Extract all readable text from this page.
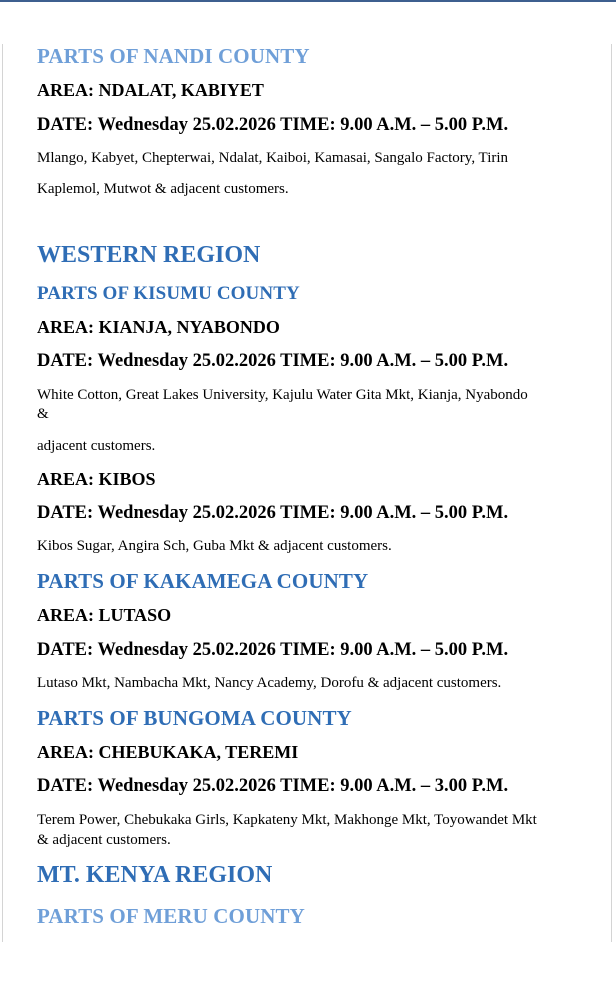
PARTS OF NANDI COUNTY
AREA: NDALAT, KABIYET
DATE: Wednesday 25.02.2026 TIME: 9.00 A.M. – 5.00 P.M.
Mlango, Kabyet, Chepterwai, Ndalat, Kaiboi, Kamasai, Sangalo Factory, Tirin
Kaplemol, Mutwot & adjacent customers.
WESTERN REGION
PARTS OF KISUMU COUNTY
AREA: KIANJA, NYABONDO
DATE: Wednesday 25.02.2026 TIME: 9.00 A.M. – 5.00 P.M.
White Cotton, Great Lakes University, Kajulu Water Gita Mkt, Kianja, Nyabondo
&
adjacent customers.
AREA: KIBOS
DATE: Wednesday 25.02.2026 TIME: 9.00 A.M. – 5.00 P.M.
Kibos Sugar, Angira Sch, Guba Mkt & adjacent customers.
PARTS OF KAKAMEGA COUNTY
AREA: LUTASO
DATE: Wednesday 25.02.2026 TIME: 9.00 A.M. – 5.00 P.M.
Lutaso Mkt, Nambacha Mkt, Nancy Academy, Dorofu & adjacent customers.
PARTS OF BUNGOMA COUNTY
AREA: CHEBUKAKA, TEREMI
DATE: Wednesday 25.02.2026 TIME: 9.00 A.M. – 3.00 P.M.
Terem Power, Chebukaka Girls, Kapkateny Mkt, Makhonge Mkt, Toyowandet Mkt
& adjacent customers.
MT. KENYA REGION
PARTS OF MERU COUNTY
